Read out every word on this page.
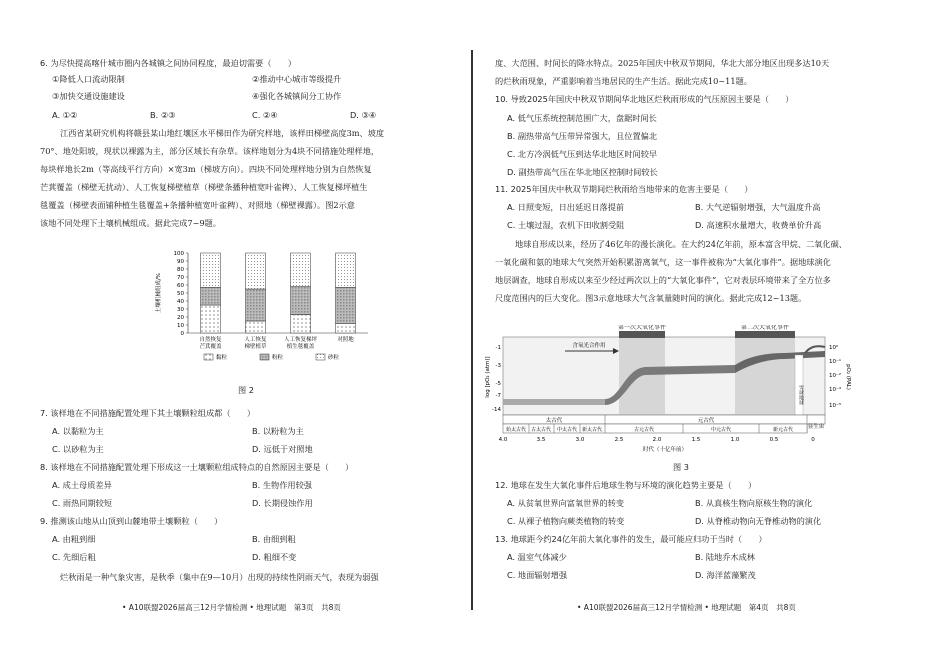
6. 为尽快提高喀什城市圈内各城镇之间协同程度，最迫切需要（　　）
①降低人口流动限制	②推动中心城市等级提升
③加快交通设施建设	④强化各城镇间分工协作
A. ①②	B. ②③	C. ②④	D. ③④
江西省某研究机构将赣县某山地红壤区水平梯田作为研究样地，该样田梯壁高度3m、坡度
70°、地处阳坡，现状以裸露为主，部分区域长有杂草。该样地划分为4块不同措施处理样地，
每块样地长2m（等高线平行方向）×宽3m（梯坡方向）。四块不同处理样地分别为自然恢复
芒萁覆盖（梯壁无扰动）、人工恢复梯壁植草（梯壁条播种植宽叶雀稗）、人工恢复梯坪植生
毯覆盖（梯壁表面铺种植生毯覆盖+条播种植宽叶雀稗）、对照地（梯壁裸露）。图2示意
该地不同处理下土壤机械组成。据此完成7~9题。
0
10
20
30
40
50
60
70
80
90
100
土壤机械组成/%
自然恢复
芒萁覆盖
人工恢复
梯壁植草
人工恢复梯坪
植生毯覆盖
对照地
黏粒	粉粒	砂粒
图 2
7. 该样地在不同措施配置处理下其土壤颗粒组成都（　　）
A. 以黏粒为主	B. 以粉粒为主
C. 以砂粒为主	D. 远低于对照地
8. 该样地在不同措施配置处理下形成这一土壤颗粒组成特点的自然原因主要是（　　）
A. 成土母质差异	B. 生物作用较强
C. 雨热同期较短	D. 长期侵蚀作用
9. 推测该山地从山顶到山麓地带土壤颗粒（　　）
A. 由粗到细	B. 由细到粗
C. 先细后粗	D. 粗细不变
烂秋雨是一种气象灾害，是秋季（集中在9—10月）出现的持续性阴雨天气，表现为弱强
• A10联盟2026届高三12月学情检测 • 地理试题　第3页　共8页
度、大范围、时间长的降水特点。2025年国庆中秋双节期间，华北大部分地区出现多达10天
的烂秋雨现象，严重影响着当地居民的生产生活。据此完成10~11题。
10. 导致2025年国庆中秋双节期间华北地区烂秋雨形成的气压原因主要是（　　）
A. 低气压系统控制范围广大，盘踞时间长
B. 副热带高气压带异常强大，且位置偏北
C. 北方冷涡低气压到达华北地区时间较早
D. 副热带高气压在华北地区控制时间较长
11. 2025年国庆中秋双节期间烂秋雨给当地带来的危害主要是（　　）
A. 日照变短，日出延迟日落提前	B. 大气逆辐射增强，大气温度升高
C. 土壤过湿，农机下田收割受阻	D. 高速积水量增大，收费单价升高
地球自形成以来，经历了46亿年的漫长演化。在大约24亿年前，原本富含甲烷、二氧化碳、
一氧化碳和氨的地球大气突然开始积累游离氧气，这一事件被称为“大氧化事件”。据地球演化
地层调查，地球自形成以来至少经过两次以上的“大氧化事件”，它对表层环境带来了全方位多
尺度范围内的巨大变化。图3示意地球大气含氧量随时间的演化。据此完成12~13题。
第一次大氧化事件	第二次大氧化事件
含氧光合作用
雪球地球
log [pO₂ (atm)]
-1
-3
-5
-7
-14
pO₂ (PAL)
10⁰
10⁻¹
10⁻²
10⁻³
10⁻⁵
太古代	元古代
显生宙
始太古代 古太古代 中太古代 新太古代	古元古代	中元古代	新元古代
4.0	3.5	3.0	2.5	2.0	1.5	1.0	0.5	0
时代（十亿年前）
图 3
12. 地球在发生大氧化事件后地球生物与环境的演化趋势主要是（　　）
A. 从贫氧世界向富氧世界的转变	B. 从真核生物向原核生物的演化
C. 从裸子植物向蕨类植物的转变	D. 从脊椎动物向无脊椎动物的演化
13. 地球距今约24亿年前大氧化事件的发生，最可能应归功于当时（　　）
A. 温室气体减少	B. 陆地乔木成林
C. 地面辐射增强	D. 海洋蓝藻繁茂
• A10联盟2026届高三12月学情检测 • 地理试题　第4页　共8页
